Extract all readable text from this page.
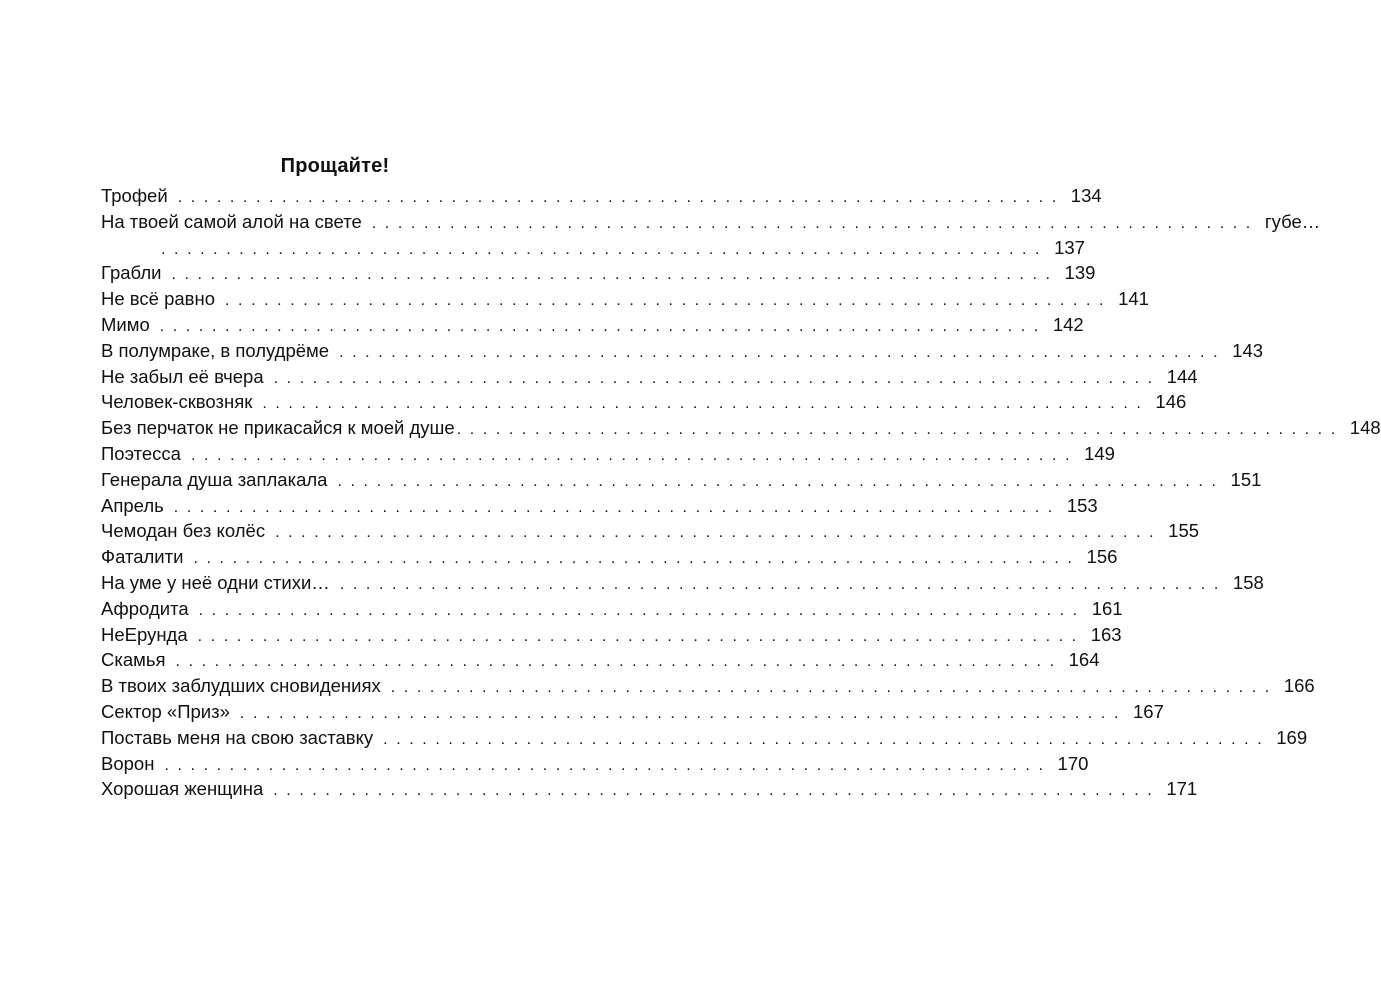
Прощайте!
Трофей .................................................................... 134
На твоей самой алой на свете .................................................................... губе…
.................................................................... 137
Грабли .................................................................... 139
Не всё равно .................................................................... 141
Мимо .................................................................... 142
В полумраке, в полудрёме .................................................................... 143
Не забыл её вчера .................................................................... 144
Человек-сквозняк .................................................................... 146
Без перчаток не прикасайся к моей душе .................................................................... 148
Поэтесса .................................................................... 149
Генерала душа заплакала .................................................................... 151
Апрель .................................................................... 153
Чемодан без колёс .................................................................... 155
Фаталити .................................................................... 156
На уме у неё одни стихи… .................................................................... 158
Афродита .................................................................... 161
НеЕрунда .................................................................... 163
Скамья .................................................................... 164
В твоих заблудших сновидениях .................................................................... 166
Сектор «Приз» .................................................................... 167
Поставь меня на свою заставку .................................................................... 169
Ворон .................................................................... 170
Хорошая женщина .................................................................... 171
